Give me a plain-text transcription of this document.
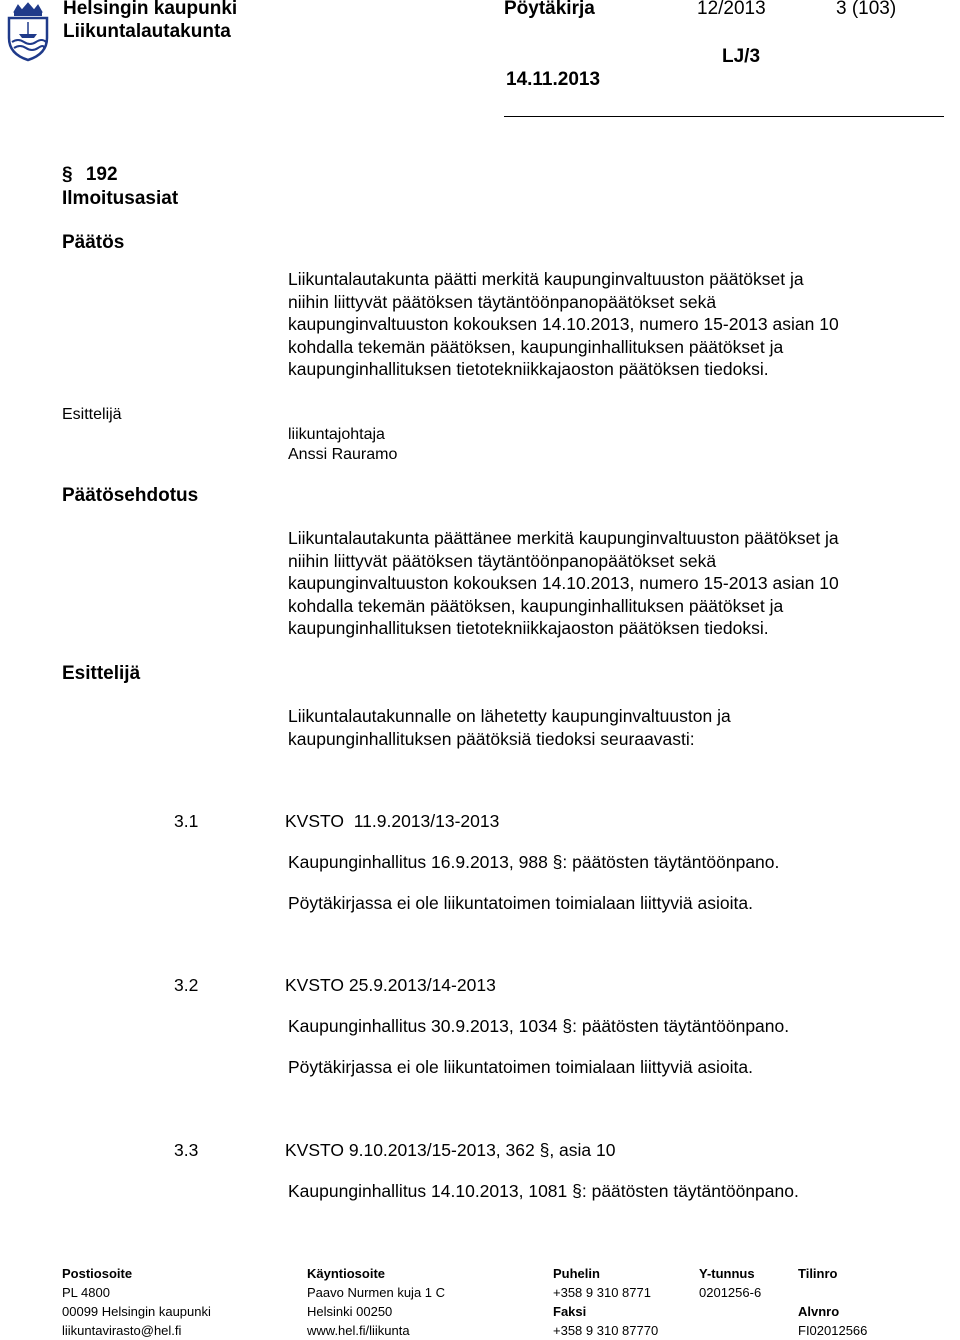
Helsingin kaupunki
Liikuntalautakunta
Pöytäkirja	12/2013	3 (103)
LJ/3
14.11.2013
§ 192
Ilmoitusasiat
Päätös
Esittelijä
Päätösehdotus
Esittelijä
Liikuntalautakunta päätti merkitä kaupunginvaltuuston päätökset ja
niihin liittyvät päätöksen täytäntöönpanopäätökset sekä
kaupunginvaltuuston kokouksen 14.10.2013, numero 15-2013 asian 10
kohdalla tekemän päätöksen, kaupunginhallituksen päätökset ja
kaupunginhallituksen tietotekniikkajaoston päätöksen tiedoksi.
liikuntajohtaja
Anssi Rauramo
Liikuntalautakunta päättänee merkitä kaupunginvaltuuston päätökset ja
niihin liittyvät päätöksen täytäntöönpanopäätökset sekä
kaupunginvaltuuston kokouksen 14.10.2013, numero 15-2013 asian 10
kohdalla tekemän päätöksen, kaupunginhallituksen päätökset ja
kaupunginhallituksen tietotekniikkajaoston päätöksen tiedoksi.
Liikuntalautakunnalle on lähetetty kaupunginvaltuuston ja
kaupunginhallituksen päätöksiä tiedoksi seuraavasti:
3.1	KVSTO  11.9.2013/13-2013
Kaupunginhallitus 16.9.2013, 988 §: päätösten täytäntöönpano.
Pöytäkirjassa ei ole liikuntatoimen toimialaan liittyviä asioita.
3.2	KVSTO 25.9.2013/14-2013
Kaupunginhallitus 30.9.2013, 1034 §: päätösten täytäntöönpano.
Pöytäkirjassa ei ole liikuntatoimen toimialaan liittyviä asioita.
3.3	KVSTO 9.10.2013/15-2013, 362 §, asia 10
Kaupunginhallitus 14.10.2013, 1081 §: päätösten täytäntöönpano.
Postiosoite
PL 4800
00099 Helsingin kaupunki
liikuntavirasto@hel.fi
Käyntiosoite
Paavo Nurmen kuja 1 C
Helsinki 00250
www.hel.fi/liikunta
Puhelin
+358 9 310 8771
Faksi
+358 9 310 87770
Y-tunnus
0201256-6
Tilinro

Alvnro
FI02012566
